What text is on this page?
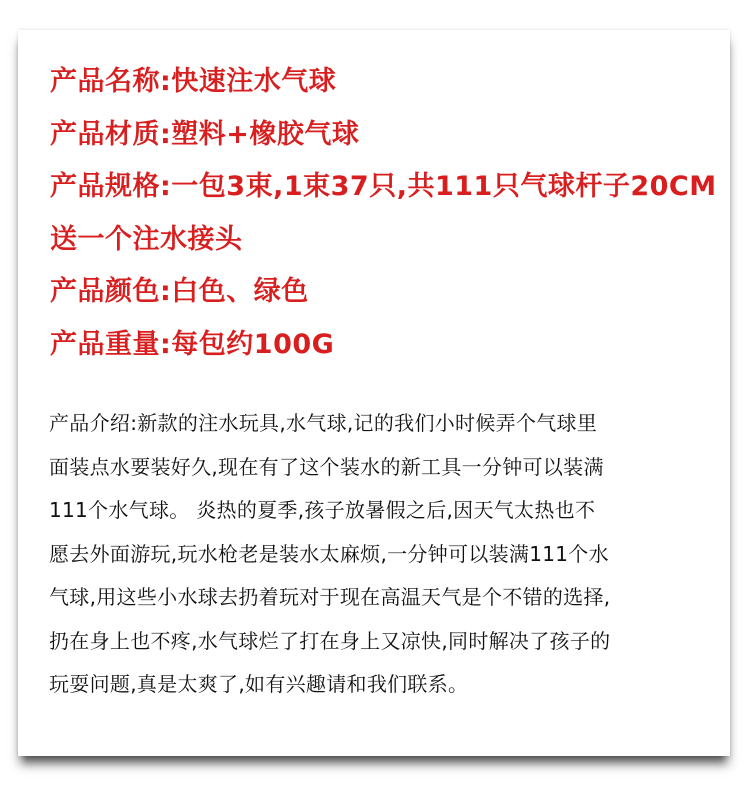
产品名称:快速注水气球
产品材质:塑料+橡胶气球
产品规格:一包3束,1束37只,共111只气球杆子20CM
送一个注水接头
产品颜色:白色、绿色
产品重量:每包约100G
产品介绍:新款的注水玩具,水气球,记的我们小时候弄个气球里
面装点水要装好久,现在有了这个装水的新工具一分钟可以装满
111个水气球。 炎热的夏季,孩子放暑假之后,因天气太热也不
愿去外面游玩,玩水枪老是装水太麻烦,一分钟可以装满111个水
气球,用这些小水球去扔着玩对于现在高温天气是个不错的选择,
扔在身上也不疼,水气球烂了打在身上又凉快,同时解决了孩子的
玩耍问题,真是太爽了,如有兴趣请和我们联系。
